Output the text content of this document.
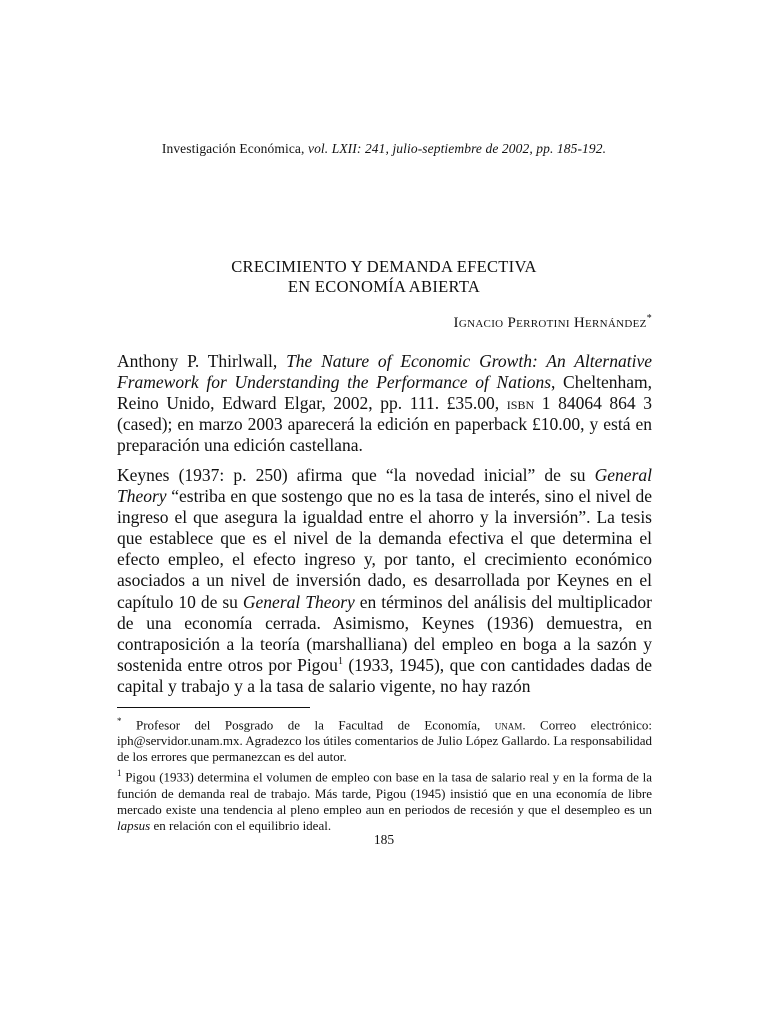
Investigación Económica, vol. LXII: 241, julio-septiembre de 2002, pp. 185-192.
CRECIMIENTO Y DEMANDA EFECTIVA
EN ECONOMÍA ABIERTA
Ignacio Perrotini Hernández*
Anthony P. Thirlwall, The Nature of Economic Growth: An Alternative Framework for Understanding the Performance of Nations, Cheltenham, Reino Unido, Edward Elgar, 2002, pp. 111. £35.00, isbn 1 84064 864 3 (cased); en marzo 2003 aparecerá la edición en paperback £10.00, y está en preparación una edición castellana.
Keynes (1937: p. 250) afirma que “la novedad inicial” de su General Theory “estriba en que sostengo que no es la tasa de interés, sino el nivel de ingreso el que asegura la igualdad entre el ahorro y la inversión”. La tesis que establece que es el nivel de la demanda efectiva el que determina el efecto empleo, el efecto ingreso y, por tanto, el crecimiento económico asociados a un nivel de inversión dado, es desarrollada por Keynes en el capítulo 10 de su General Theory en términos del análisis del multiplicador de una economía cerrada. Asimismo, Keynes (1936) demuestra, en contraposición a la teoría (marshalliana) del empleo en boga a la sazón y sostenida entre otros por Pigou$^1$ (1933, 1945), que con cantidades dadas de capital y trabajo y a la tasa de salario vigente, no hay razón

* Profesor del Posgrado de la Facultad de Economía, unam. Correo electrónico: iph@servidor.unam.mx. Agradezco los útiles comentarios de Julio López Gallardo. La responsabilidad de los errores que permanezcan es del autor.

$^1$ Pigou (1933) determina el volumen de empleo con base en la tasa de salario real y en la forma de la función de demanda real de trabajo. Más tarde, Pigou (1945) insistió que en una economía de libre mercado existe una tendencia al pleno empleo aun en periodos de recesión y que el desempleo es un lapsus en relación con el equilibrio ideal.

185
